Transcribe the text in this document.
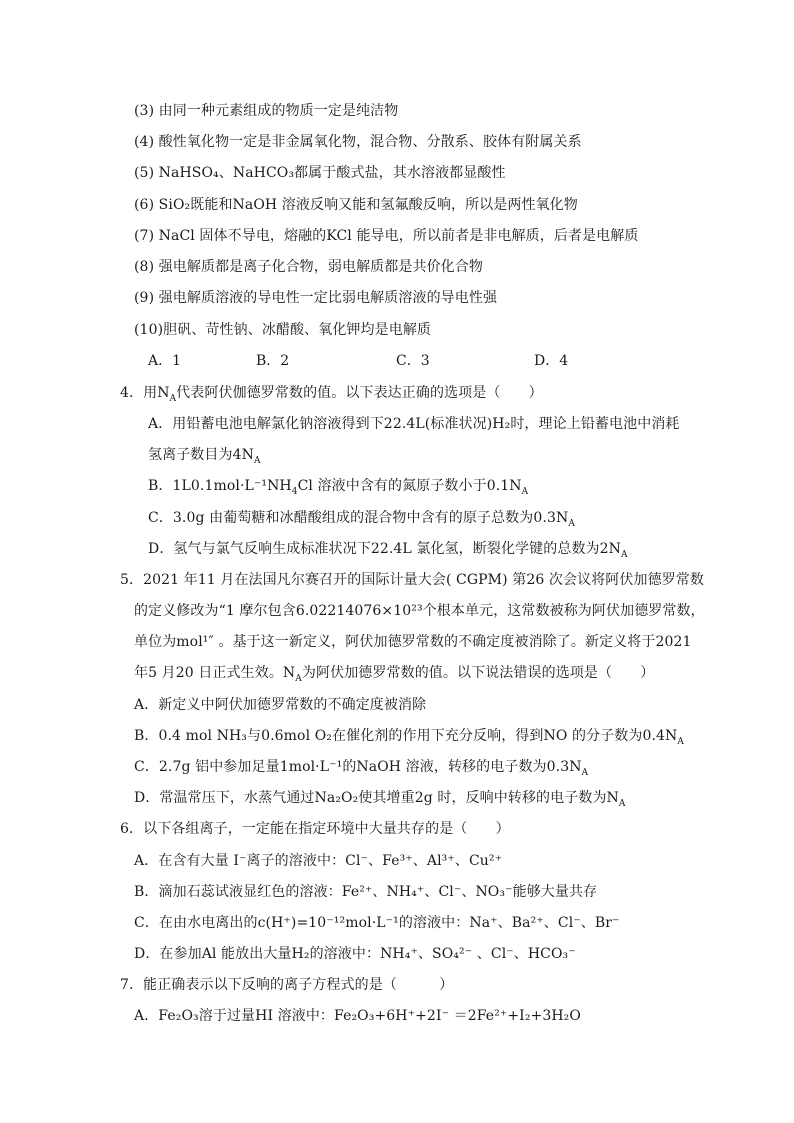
(3) 由同一种元素组成的物质一定是纯洁物
(4) 酸性氧化物一定是非金属氧化物，混合物、分散系、胶体有附属关系
(5) NaHSO₄、NaHCO₃都属于酸式盐，其水溶液都显酸性
(6) SiO₂既能和NaOH 溶液反响又能和氢氟酸反响，所以是两性氧化物
(7) NaCl 固体不导电，熔融的KCl 能导电，所以前者是非电解质，后者是电解质
(8) 强电解质都是离子化合物，弱电解质都是共价化合物
(9) 强电解质溶液的导电性一定比弱电解质溶液的导电性强
(10)胆矾、苛性钠、冰醋酸、氧化钾均是电解质
A．1	B．2	C．3	D．4
4．用$N_A$代表阿伏伽德罗常数的值。以下表达正确的选项是（　　）
A．用铅蓄电池电解氯化钠溶液得到下22.4L(标准状况)H₂时，理论上铅蓄电池中消耗
氢离子数目为$4N_A$
B．$1L0.1mol\cdot L^{-1}NH_4Cl$ 溶液中含有的氮原子数小于$0.1N_A$
C．3.0g 由葡萄糖和冰醋酸组成的混合物中含有的原子总数为$0.3N_A$
D．氢气与氯气反响生成标准状况下22.4L 氯化氢，断裂化学键的总数为$2N_A$
5．2021 年11 月在法国凡尔赛召开的国际计量大会( CGPM) 第26 次会议将阿伏加德罗常数
的定义修改为“1 摩尔包含6.02214076×10²³个根本单元，这常数被称为阿伏加德罗常数，
单位为mol¹″ 。基于这一新定义，阿伏加德罗常数的不确定度被消除了。新定义将于2021
年5 月20 日正式生效。$N_A$为阿伏加德罗常数的值。以下说法错误的选项是（　　）
A．新定义中阿伏加德罗常数的不确定度被消除
B．0.4 mol NH₃与0.6mol O₂在催化剂的作用下充分反响，得到NO 的分子数为$0.4N_A$
C．2.7g 铝中参加足量1mol·L⁻¹的NaOH 溶液，转移的电子数为$0.3N_A$
D．常温常压下，水蒸气通过Na₂O₂使其增重2g 时，反响中转移的电子数为$N_A$
6．以下各组离子，一定能在指定环境中大量共存的是（　　）
A．在含有大量 I⁻离子的溶液中：Cl⁻、Fe³⁺、Al³⁺、Cu²⁺
B．滴加石蕊试液显红色的溶液：Fe²⁺、NH₄⁺、Cl⁻、NO₃⁻能够大量共存
C．在由水电离出的c(H⁺)=10⁻¹²mol·L⁻¹的溶液中：Na⁺、Ba²⁺、Cl⁻、Br⁻
D．在参加Al 能放出大量H₂的溶液中：NH₄⁺、SO₄²⁻ 、Cl⁻、HCO₃⁻
7．能正确表示以下反响的离子方程式的是（　　　）
A．Fe₂O₃溶于过量HI 溶液中：Fe₂O₃+6H⁺+2I⁻ ＝2Fe²⁺+I₂+3H₂O
